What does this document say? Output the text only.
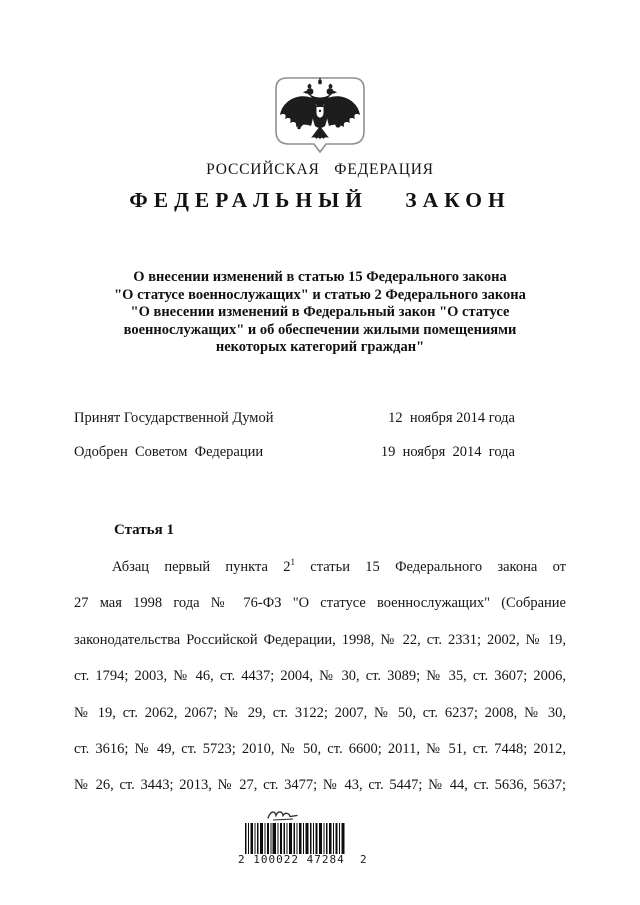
РОССИЙСКАЯ ФЕДЕРАЦИЯ
ФЕДЕРАЛЬНЫЙ ЗАКОН
О внесении изменений в статью 15 Федерального закона
"О статусе военнослужащих" и статью 2 Федерального закона
"О внесении изменений в Федеральный закон "О статусе
военнослужащих" и об обеспечении жилыми помещениями
некоторых категорий граждан"
Принят Государственной Думой	12  ноября 2014 года
Одобрен  Советом  Федерации	19  ноября  2014  года
Статья 1
Абзац первый пункта $2^1$ статьи 15 Федерального закона от
27 мая 1998 года № 76-ФЗ "О статусе военнослужащих" (Собрание
законодательства Российской Федерации, 1998, № 22, ст. 2331; 2002, № 19,
ст. 1794; 2003, № 46, ст. 4437; 2004, № 30, ст. 3089; № 35, ст. 3607; 2006,
№ 19, ст. 2062, 2067; № 29, ст. 3122; 2007, № 50, ст. 6237; 2008, № 30,
ст. 3616; № 49, ст. 5723; 2010, № 50, ст. 6600; 2011, № 51, ст. 7448; 2012,
№ 26, ст. 3443; 2013, № 27, ст. 3477; № 43, ст. 5447; № 44, ст. 5636, 5637;
2 100022 47284  2
